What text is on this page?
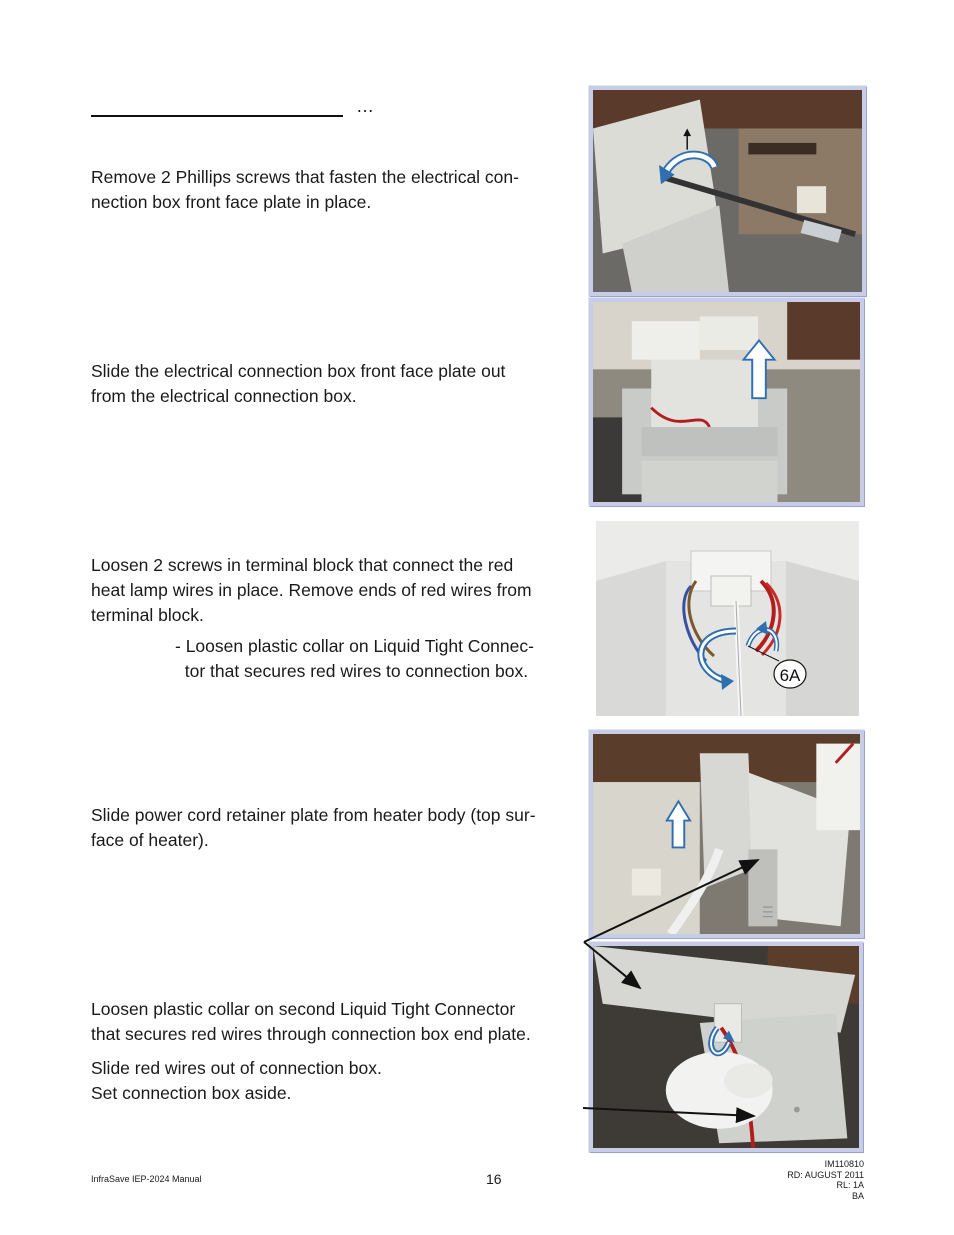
…

Remove 2 Phillips screws that fasten the electrical con-
nection box front face plate in place.

Slide the electrical connection box front face plate out
from the electrical connection box.

Loosen 2 screws in terminal block that connect the red
heat lamp wires in place. Remove ends of red wires from
terminal block.

- Loosen plastic collar on Liquid Tight Connec-
tor that secures red wires to connection box.

Slide power cord retainer plate from heater body (top sur-
face of heater).

Loosen plastic collar on second Liquid Tight Connector
that secures red wires through connection box end plate.

Slide red wires out of connection box.
Set connection box aside.

6A
InfraSave IEP-2024 Manual	16
IM110810
RD: AUGUST 2011
RL: 1A
BA
